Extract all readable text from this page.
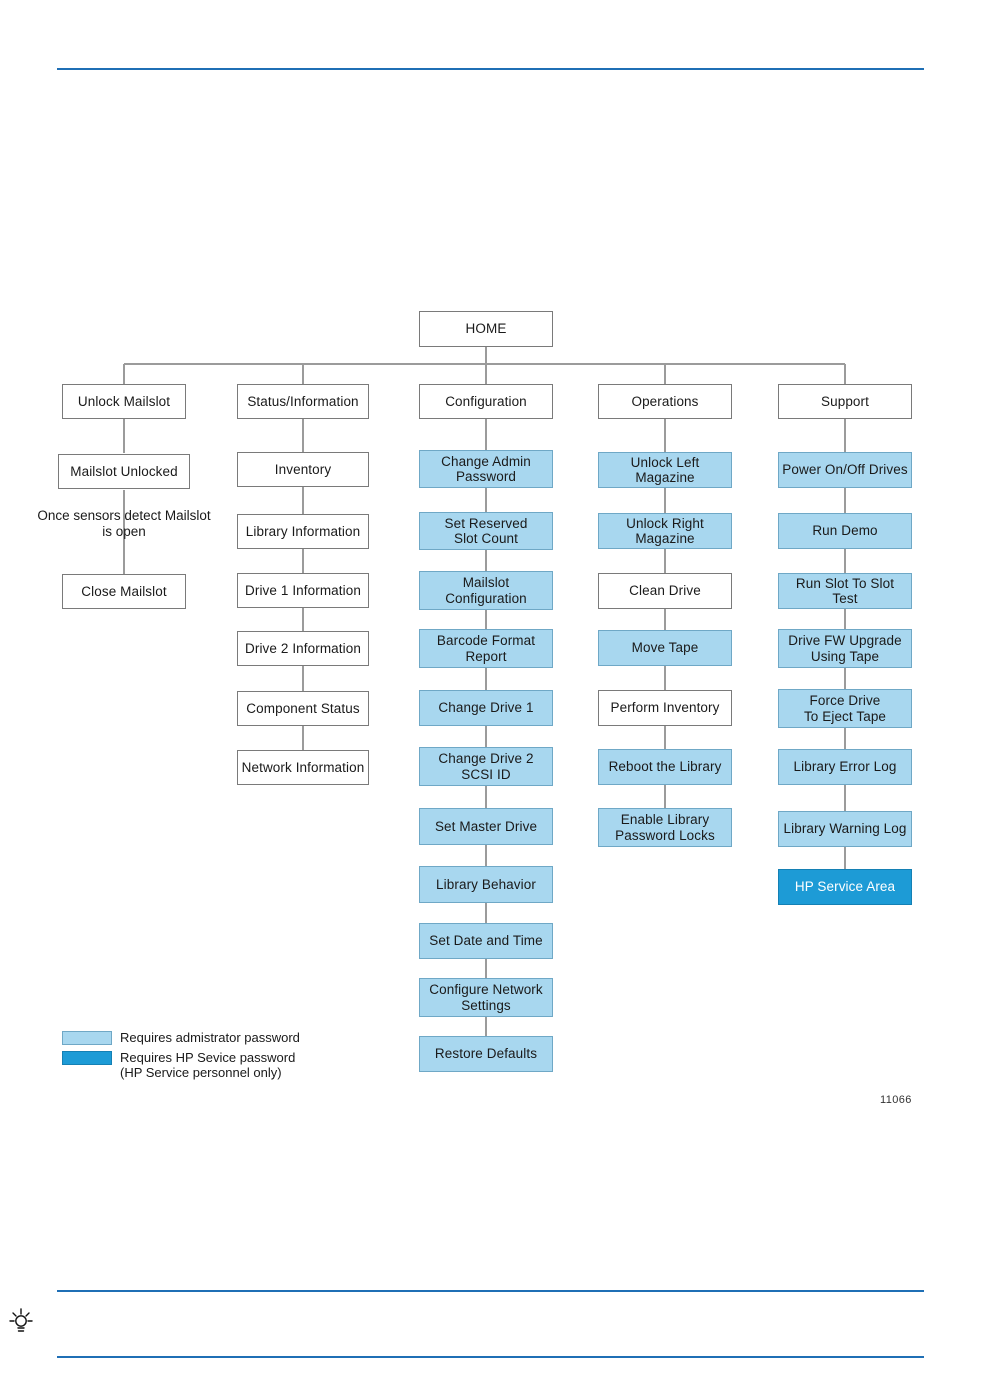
HOME
Unlock Mailslot
Mailslot Unlocked
Once sensors detect Mailslot is open
Close Mailslot
Status/Information
Inventory
Library Information
Drive 1 Information
Drive 2 Information
Component Status
Network Information
Configuration
Change Admin
Password
Set Reserved
Slot Count
Mailslot
Configuration
Barcode Format
Report
Change Drive 1
Change Drive 2
SCSI ID
Set Master Drive
Library Behavior
Set Date and Time
Configure Network
Settings
Restore Defaults
Operations
Unlock Left Magazine
Unlock Right Magazine
Clean Drive
Move Tape
Perform Inventory
Reboot the Library
Enable Library
Password Locks
Support
Power On/Off Drives
Run Demo
Run Slot To Slot Test
Drive FW Upgrade
Using Tape
Force Drive
To Eject Tape
Library Error Log
Library Warning Log
HP Service Area
Requires admistrator password
Requires HP Sevice password
(HP Service personnel only)
11066
